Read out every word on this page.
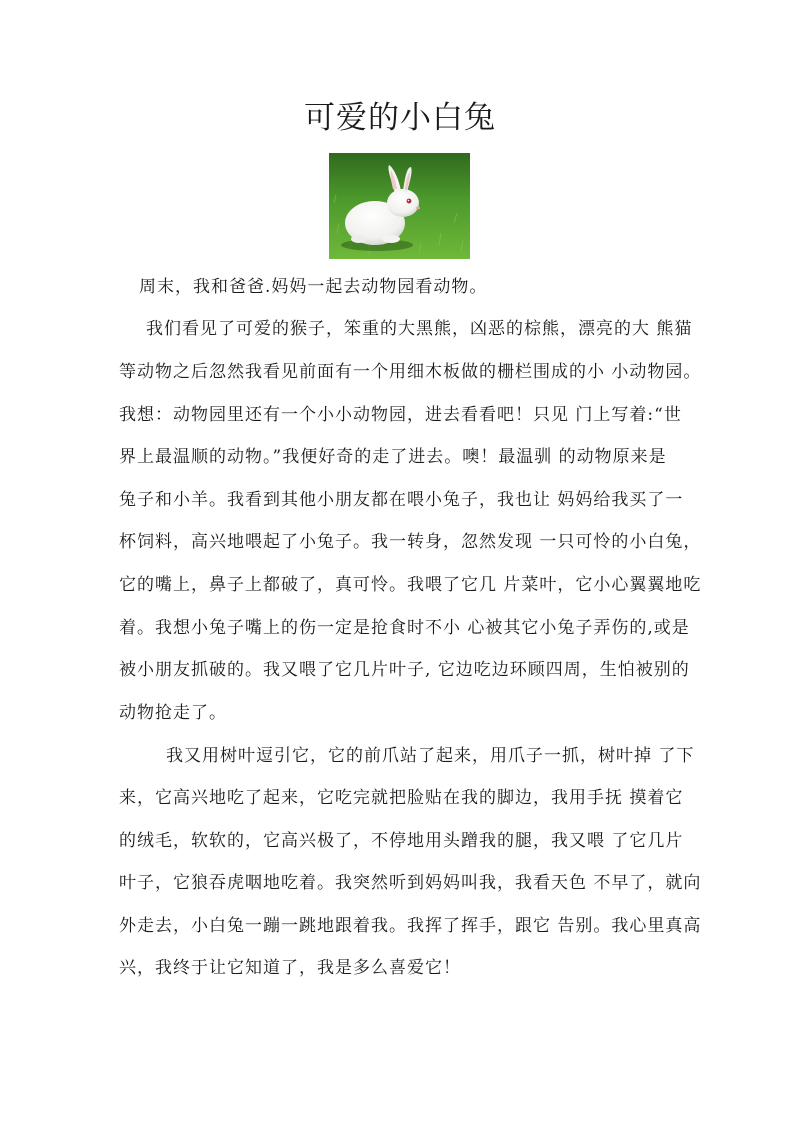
可爱的小白兔

周末，我和爸爸.妈妈一起去动物园看动物。

我们看见了可爱的猴子，笨重的大黑熊，凶恶的棕熊，漂亮的大 熊猫

等动物之后忽然我看见前面有一个用细木板做的栅栏围成的小 小动物园。

我想：动物园里还有一个小小动物园，进去看看吧！只见 门上写着:“世

界上最温顺的动物。”我便好奇的走了进去。噢！最温驯 的动物原来是

兔子和小羊。我看到其他小朋友都在喂小兔子，我也让 妈妈给我买了一

杯饲料，高兴地喂起了小兔子。我一转身，忽然发现 一只可怜的小白兔，

它的嘴上，鼻子上都破了，真可怜。我喂了它几 片菜叶，它小心翼翼地吃

着。我想小兔子嘴上的伤一定是抢食时不小 心被其它小兔子弄伤的,或是

被小朋友抓破的。我又喂了它几片叶子, 它边吃边环顾四周，生怕被别的

动物抢走了。

我又用树叶逗引它，它的前爪站了起来，用爪子一抓，树叶掉 了下

来，它高兴地吃了起来，它吃完就把脸贴在我的脚边，我用手抚 摸着它

的绒毛，软软的，它高兴极了，不停地用头蹭我的腿，我又喂 了它几片

叶子，它狼吞虎咽地吃着。我突然听到妈妈叫我，我看天色 不早了，就向

外走去，小白兔一蹦一跳地跟着我。我挥了挥手，跟它 告别。我心里真高

兴，我终于让它知道了，我是多么喜爱它！
